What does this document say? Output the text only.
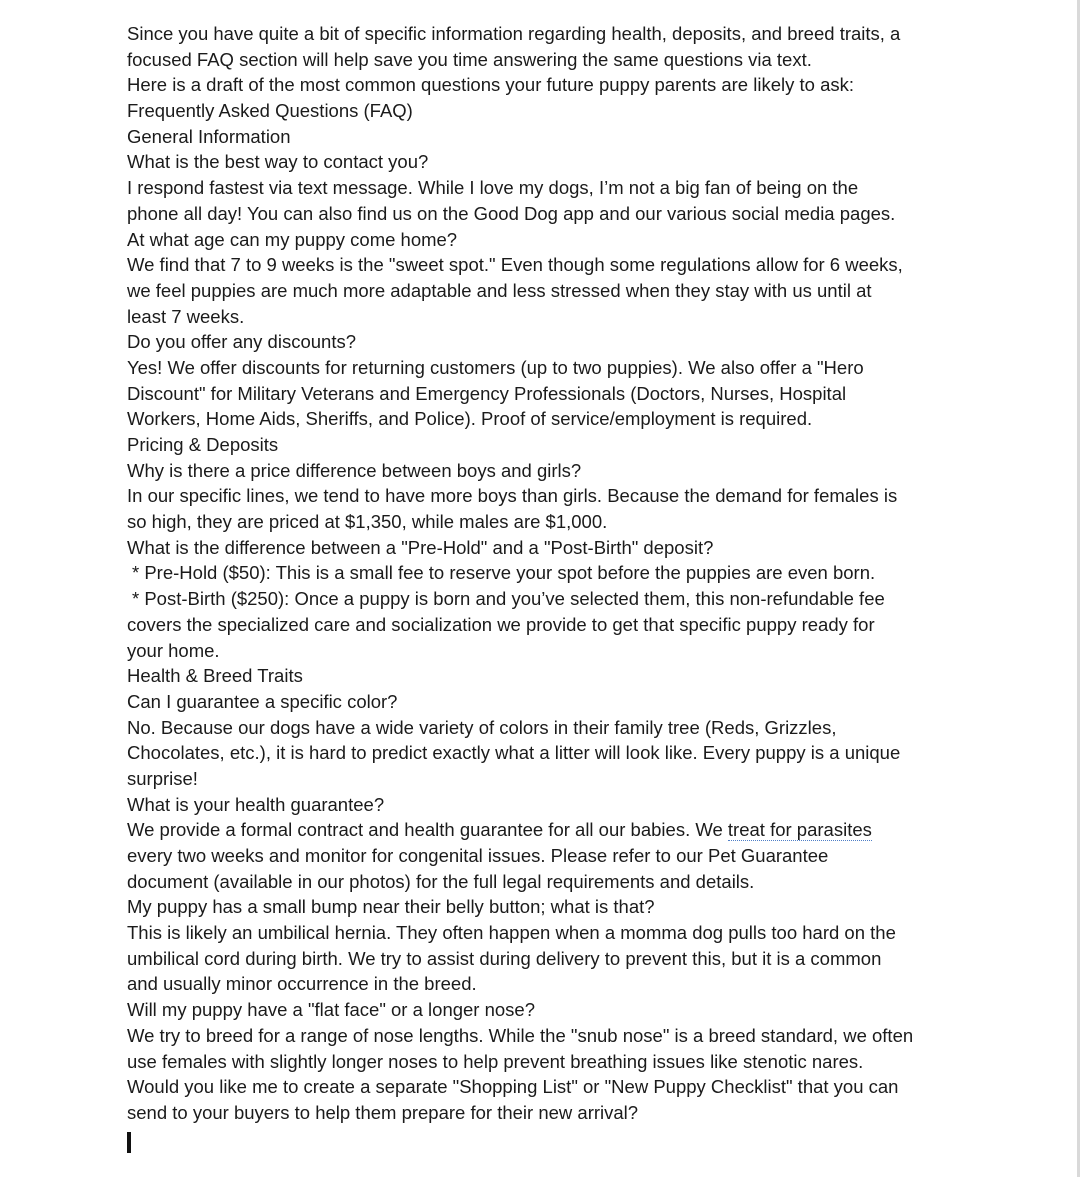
Since you have quite a bit of specific information regarding health, deposits, and breed traits, a
focused FAQ section will help save you time answering the same questions via text.
Here is a draft of the most common questions your future puppy parents are likely to ask:
Frequently Asked Questions (FAQ)
General Information
What is the best way to contact you?
I respond fastest via text message. While I love my dogs, I’m not a big fan of being on the
phone all day! You can also find us on the Good Dog app and our various social media pages.
At what age can my puppy come home?
We find that 7 to 9 weeks is the "sweet spot." Even though some regulations allow for 6 weeks,
we feel puppies are much more adaptable and less stressed when they stay with us until at
least 7 weeks.
Do you offer any discounts?
Yes! We offer discounts for returning customers (up to two puppies). We also offer a "Hero
Discount" for Military Veterans and Emergency Professionals (Doctors, Nurses, Hospital
Workers, Home Aids, Sheriffs, and Police). Proof of service/employment is required.
Pricing & Deposits
Why is there a price difference between boys and girls?
In our specific lines, we tend to have more boys than girls. Because the demand for females is
so high, they are priced at $1,350, while males are $1,000.
What is the difference between a "Pre-Hold" and a "Post-Birth" deposit?
* Pre-Hold ($50): This is a small fee to reserve your spot before the puppies are even born.
* Post-Birth ($250): Once a puppy is born and you’ve selected them, this non-refundable fee
covers the specialized care and socialization we provide to get that specific puppy ready for
your home.
Health & Breed Traits
Can I guarantee a specific color?
No. Because our dogs have a wide variety of colors in their family tree (Reds, Grizzles,
Chocolates, etc.), it is hard to predict exactly what a litter will look like. Every puppy is a unique
surprise!
What is your health guarantee?
We provide a formal contract and health guarantee for all our babies. We treat for parasites
every two weeks and monitor for congenital issues. Please refer to our Pet Guarantee
document (available in our photos) for the full legal requirements and details.
My puppy has a small bump near their belly button; what is that?
This is likely an umbilical hernia. They often happen when a momma dog pulls too hard on the
umbilical cord during birth. We try to assist during delivery to prevent this, but it is a common
and usually minor occurrence in the breed.
Will my puppy have a "flat face" or a longer nose?
We try to breed for a range of nose lengths. While the "snub nose" is a breed standard, we often
use females with slightly longer noses to help prevent breathing issues like stenotic nares.
Would you like me to create a separate "Shopping List" or "New Puppy Checklist" that you can
send to your buyers to help them prepare for their new arrival?
